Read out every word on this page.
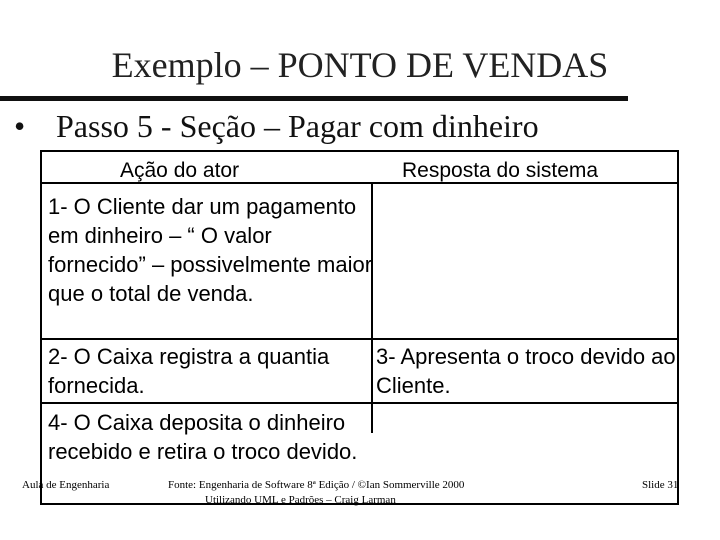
Exemplo – PONTO DE VENDAS
• Passo 5 - Seção – Pagar com dinheiro
Ação do ator	Resposta do sistema
1- O Cliente dar um pagamento em dinheiro – “ O valor fornecido” – possivelmente maior que o total de venda.
2- O Caixa registra a quantia fornecida.
3- Apresenta o troco devido ao Cliente.
4- O Caixa deposita o dinheiro recebido e retira o troco devido.
Aula de Engenharia	Fonte: Engenharia de Software 8ª Edição / ©Ian Sommerville 2000
Utilizando UML e Padrões – Craig Larman
Slide 31
